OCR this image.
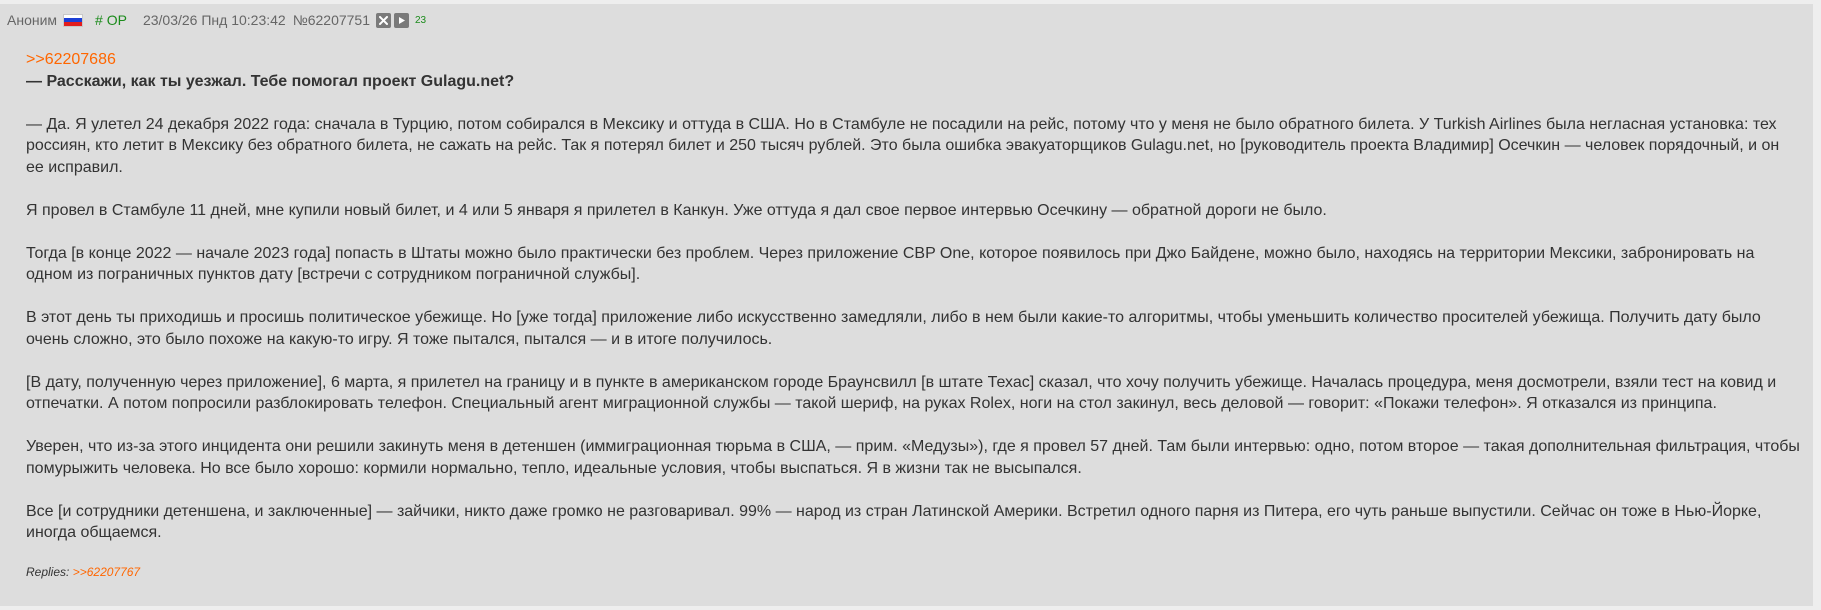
Аноним	# OP 23/03/26 Пнд 10:23:42 №62207751	23
>>62207686
— Расскажи, как ты уезжал. Тебе помогал проект Gulagu.net?

— Да. Я улетел 24 декабря 2022 года: сначала в Турцию, потом собирался в Мексику и оттуда в США. Но в Стамбуле не посадили на рейс, потому что у меня не было обратного билета. У Turkish Airlines была негласная установка: тех россиян, кто летит в Мексику без обратного билета, не сажать на рейс. Так я потерял билет и 250 тысяч рублей. Это была ошибка эвакуаторщиков Gulagu.net, но [руководитель проекта Владимир] Осечкин — человек порядочный, и он ее исправил.

Я провел в Стамбуле 11 дней, мне купили новый билет, и 4 или 5 января я прилетел в Канкун. Уже оттуда я дал свое первое интервью Осечкину — обратной дороги не было.

Тогда [в конце 2022 — начале 2023 года] попасть в Штаты можно было практически без проблем. Через приложение CBP One, которое появилось при Джо Байдене, можно было, находясь на территории Мексики, забронировать на одном из пограничных пунктов дату [встречи с сотрудником пограничной службы].

В этот день ты приходишь и просишь политическое убежище. Но [уже тогда] приложение либо искусственно замедляли, либо в нем были какие-то алгоритмы, чтобы уменьшить количество просителей убежища. Получить дату было очень сложно, это было похоже на какую-то игру. Я тоже пытался, пытался — и в итоге получилось.

[В дату, полученную через приложение], 6 марта, я прилетел на границу и в пункте в американском городе Браунсвилл [в штате Техас] сказал, что хочу получить убежище. Началась процедура, меня досмотрели, взяли тест на ковид и отпечатки. А потом попросили разблокировать телефон. Специальный агент миграционной службы — такой шериф, на руках Rolex, ноги на стол закинул, весь деловой — говорит: «Покажи телефон». Я отказался из принципа.

Уверен, что из-за этого инцидента они решили закинуть меня в детеншен (иммиграционная тюрьма в США, — прим. «Медузы»), где я провел 57 дней. Там были интервью: одно, потом второе — такая дополнительная фильтрация, чтобы помурыжить человека. Но все было хорошо: кормили нормально, тепло, идеальные условия, чтобы выспаться. Я в жизни так не высыпался.

Все [и сотрудники детеншена, и заключенные] — зайчики, никто даже громко не разговаривал. 99% — народ из стран Латинской Америки. Встретил одного парня из Питера, его чуть раньше выпустили. Сейчас он тоже в Нью-Йорке, иногда общаемся.

Replies: >>62207767
